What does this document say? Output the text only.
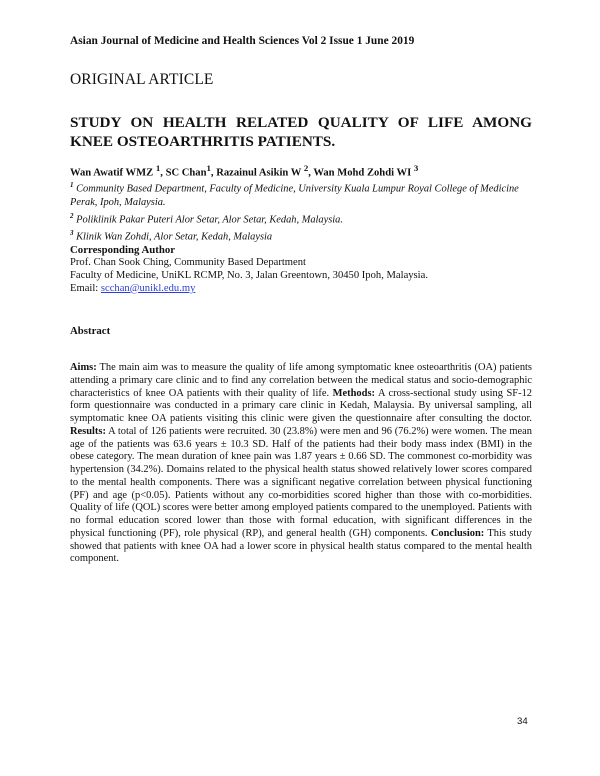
Asian Journal of Medicine and Health Sciences Vol 2 Issue 1 June 2019
ORIGINAL ARTICLE
STUDY ON HEALTH RELATED QUALITY OF LIFE AMONG KNEE OSTEOARTHRITIS PATIENTS.
Wan Awatif WMZ $^1$, SC Chan$^1$, Razainul Asikin W $^2$, Wan Mohd Zohdi WI $^3$

$^1$ Community Based Department, Faculty of Medicine, University Kuala Lumpur Royal College of Medicine Perak, Ipoh, Malaysia.

$^2$ Poliklinik Pakar Puteri Alor Setar, Alor Setar, Kedah, Malaysia.

$^3$ Klinik Wan Zohdi, Alor Setar, Kedah, Malaysia

Corresponding Author

Prof. Chan Sook Ching, Community Based Department

Faculty of Medicine, UniKL RCMP, No. 3, Jalan Greentown, 30450 Ipoh, Malaysia.

Email: scchan@unikl.edu.my

Abstract

Aims: The main aim was to measure the quality of life among symptomatic knee osteoarthritis (OA) patients attending a primary care clinic and to find any correlation between the medical status and socio-demographic characteristics of knee OA patients with their quality of life. Methods: A cross-sectional study using SF-12 form questionnaire was conducted in a primary care clinic in Kedah, Malaysia. By universal sampling, all symptomatic knee OA patients visiting this clinic were given the questionnaire after consulting the doctor. Results: A total of 126 patients were recruited. 30 (23.8%) were men and 96 (76.2%) were women. The mean age of the patients was 63.6 years ± 10.3 SD. Half of the patients had their body mass index (BMI) in the obese category. The mean duration of knee pain was 1.87 years ± 0.66 SD. The commonest co-morbidity was hypertension (34.2%). Domains related to the physical health status showed relatively lower scores compared to the mental health components. There was a significant negative correlation between physical functioning (PF) and age (p<0.05). Patients without any co-morbidities scored higher than those with co-morbidities. Quality of life (QOL) scores were better among employed patients compared to the unemployed. Patients with no formal education scored lower than those with formal education, with significant differences in the physical functioning (PF), role physical (RP), and general health (GH) components. Conclusion: This study showed that patients with knee OA had a lower score in physical health status compared to the mental health component.

34
